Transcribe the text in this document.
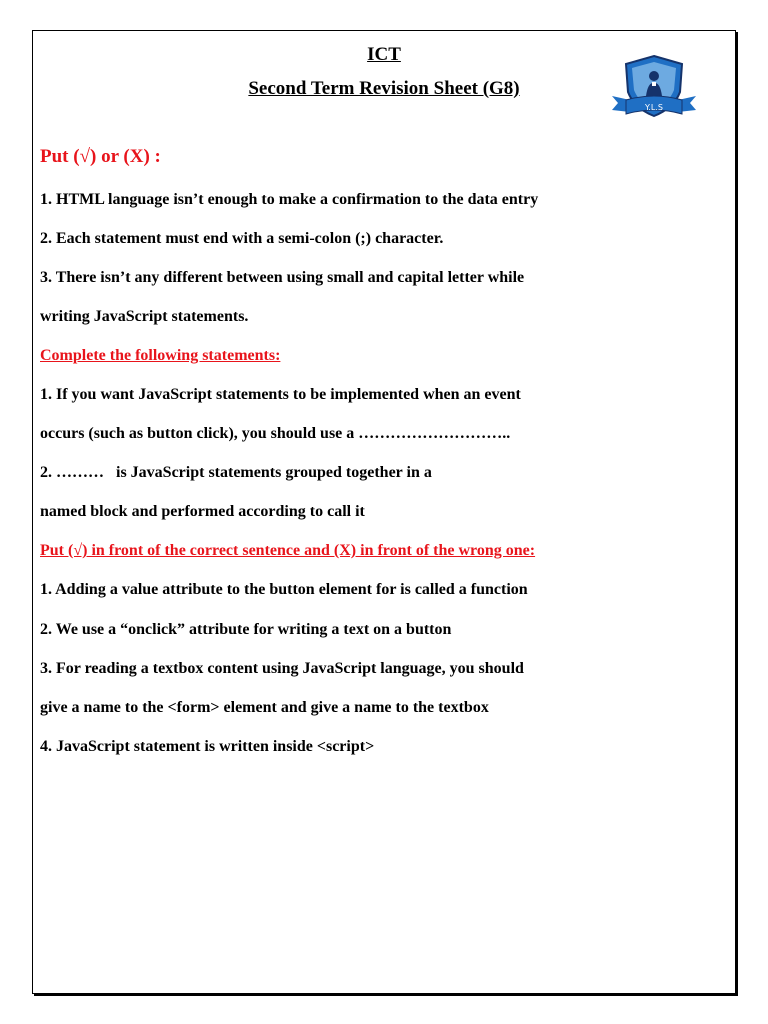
ICT
Second Term Revision Sheet (G8)
Y.L.S
Put (√) or (X) :
1. HTML language isn’t enough to make a confirmation to the data entry
2. Each statement must end with a semi-colon (;) character.
3. There isn’t any different between using small and capital letter while
writing JavaScript statements.
Complete the following statements:
1. If you want JavaScript statements to be implemented when an event
occurs (such as button click), you should use a ………………………..
2. ………   is JavaScript statements grouped together in a
named block and performed according to call it
Put (√) in front of the correct sentence and (X) in front of the wrong one:
1. Adding a value attribute to the button element for is called a function
2. We use a “onclick” attribute for writing a text on a button
3. For reading a textbox content using JavaScript language, you should
give a name to the <form> element and give a name to the textbox
4. JavaScript statement is written inside <script>
